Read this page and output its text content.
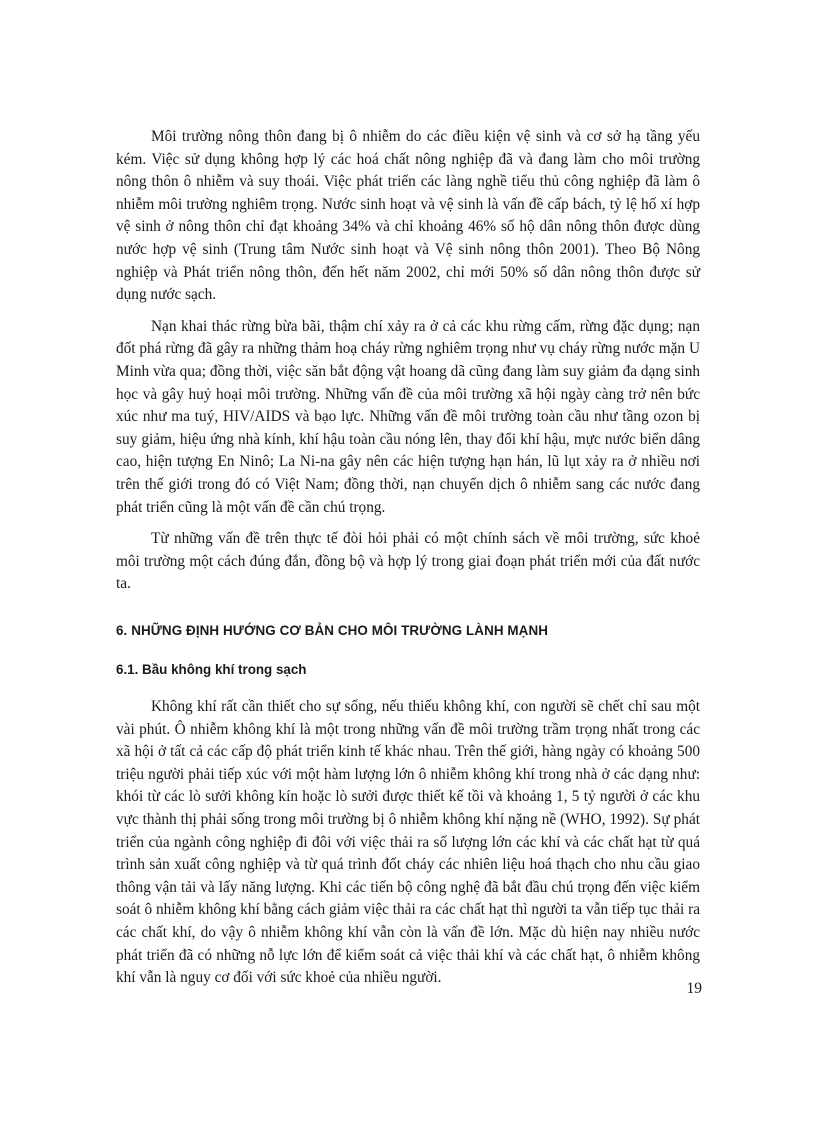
Môi trường nông thôn đang bị ô nhiễm do các điều kiện vệ sinh và cơ sở hạ tầng yếu kém. Việc sử dụng không hợp lý các hoá chất nông nghiệp đã và đang làm cho môi trường nông thôn ô nhiễm và suy thoái. Việc phát triển các làng nghề tiểu thủ công nghiệp đã làm ô nhiễm môi trường nghiêm trọng. Nước sinh hoạt và vệ sinh là vấn đề cấp bách, tỷ lệ hố xí hợp vệ sinh ở nông thôn chỉ đạt khoảng 34% và chỉ khoảng 46% số hộ dân nông thôn được dùng nước hợp vệ sinh (Trung tâm Nước sinh hoạt và Vệ sinh nông thôn 2001). Theo Bộ Nông nghiệp và Phát triển nông thôn, đến hết năm 2002, chỉ mới 50% số dân nông thôn được sử dụng nước sạch.

Nạn khai thác rừng bừa bãi, thậm chí xảy ra ở cả các khu rừng cấm, rừng đặc dụng; nạn đốt phá rừng đã gây ra những thảm hoạ cháy rừng nghiêm trọng như vụ cháy rừng nước mặn U Minh vừa qua; đồng thời, việc săn bắt động vật hoang dã cũng đang làm suy giảm đa dạng sinh học và gây huỷ hoại môi trường. Những vấn đề của môi trường xã hội ngày càng trở nên bức xúc như ma tuý, HIV/AIDS và bạo lực. Những vấn đề môi trường toàn cầu như tầng ozon bị suy giảm, hiệu ứng nhà kính, khí hậu toàn cầu nóng lên, thay đổi khí hậu, mực nước biển dâng cao, hiện tượng En Ninô; La Ni-na gây nên các hiện tượng hạn hán, lũ lụt xảy ra ở nhiều nơi trên thế giới trong đó có Việt Nam; đồng thời, nạn chuyển dịch ô nhiễm sang các nước đang phát triển cũng là một vấn đề cần chú trọng.

Từ những vấn đề trên thực tế đòi hỏi phải có một chính sách về môi trường, sức khoẻ môi trường một cách đúng đắn, đồng bộ và hợp lý trong giai đoạn phát triển mới của đất nước ta.

6. NHỮNG ĐỊNH HƯỚNG CƠ BẢN CHO MÔI TRƯỜNG LÀNH MẠNH
6.1. Bầu không khí trong sạch

Không khí rất cần thiết cho sự sống, nếu thiếu không khí, con người sẽ chết chỉ sau một vài phút. Ô nhiễm không khí là một trong những vấn đề môi trường trầm trọng nhất trong các xã hội ở tất cả các cấp độ phát triển kinh tế khác nhau. Trên thế giới, hàng ngày có khoảng 500 triệu người phải tiếp xúc với một hàm lượng lớn ô nhiễm không khí trong nhà ở các dạng như: khói từ các lò sưởi không kín hoặc lò sưởi được thiết kế tồi và khoảng 1, 5 tỷ người ở các khu vực thành thị phải sống trong môi trường bị ô nhiễm không khí nặng nề (WHO, 1992). Sự phát triển của ngành công nghiệp đi đôi với việc thải ra số lượng lớn các khí và các chất hạt từ quá trình sản xuất công nghiệp và từ quá trình đốt cháy các nhiên liệu hoá thạch cho nhu cầu giao thông vận tải và lấy năng lượng. Khi các tiến bộ công nghệ đã bắt đầu chú trọng đến việc kiểm soát ô nhiễm không khí bằng cách giảm việc thải ra các chất hạt thì người ta vẫn tiếp tục thải ra các chất khí, do vậy ô nhiễm không khí vẫn còn là vấn đề lớn. Mặc dù hiện nay nhiều nước phát triển đã có những nỗ lực lớn để kiểm soát cả việc thải khí và các chất hạt, ô nhiễm không khí vẫn là nguy cơ đối với sức khoẻ của nhiều người.

19
